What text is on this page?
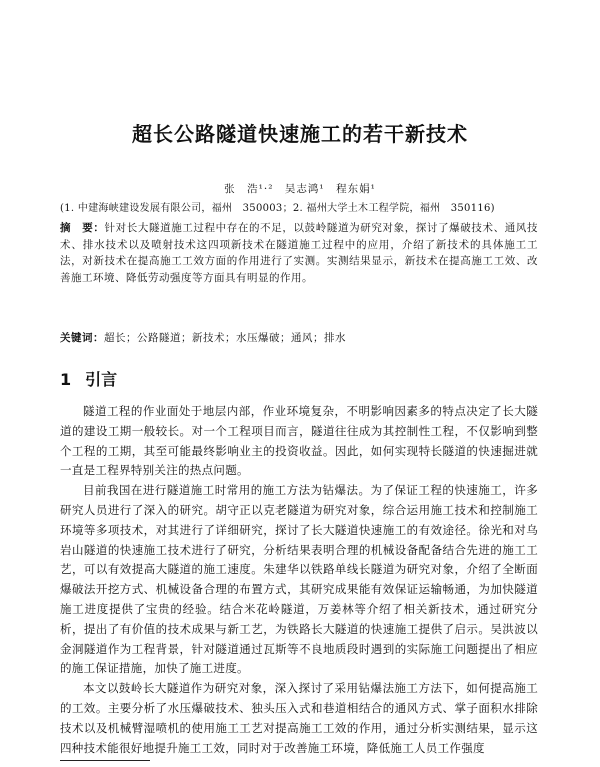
超长公路隧道快速施工的若干新技术
张　浩¹·²　吴志鸿¹　程东娟¹
(1. 中建海峡建设发展有限公司，福州　350003；2. 福州大学土木工程学院，福州　350116)
摘　要：针对长大隧道施工过程中存在的不足，以鼓岭隧道为研究对象，探讨了爆破技术、通风技术、排水技术以及喷射技术这四项新技术在隧道施工过程中的应用，介绍了新技术的具体施工工法，对新技术在提高施工工效方面的作用进行了实测。实测结果显示，新技术在提高施工工效、改善施工环境、降低劳动强度等方面具有明显的作用。
关键词：超长；公路隧道；新技术；水压爆破；通风；排水
1 引言

隧道工程的作业面处于地层内部，作业环境复杂，不明影响因素多的特点决定了长大隧道的建设工期一般较长。对一个工程项目而言，隧道往往成为其控制性工程，不仅影响到整个工程的工期，其至可能最终影响业主的投资收益。因此，如何实现特长隧道的快速掘进就一直是工程界特别关注的热点问题。

目前我国在进行隧道施工时常用的施工方法为钻爆法。为了保证工程的快速施工，许多研究人员进行了深入的研究。胡守正以克老隧道为研究对象，综合运用施工技术和控制施工环境等多项技术，对其进行了详细研究，探讨了长大隧道快速施工的有效途径。徐光和对乌岩山隧道的快速施工技术进行了研究，分析结果表明合理的机械设备配备结合先进的施工工艺，可以有效提高大隧道的施工速度。朱建华以铁路单线长隧道为研究对象，介绍了全断面爆破法开挖方式、机械设备合理的布置方式，其研究成果能有效保证运输畅通，为加快隧道施工进度提供了宝贵的经验。结合米花岭隧道，万姜林等介绍了相关新技术，通过研究分析，提出了有价值的技术成果与新工艺，为铁路长大隧道的快速施工提供了启示。吴洪波以金洞隧道作为工程背景，针对隧道通过瓦斯等不良地质段时遇到的实际施工问题提出了相应的施工保证措施，加快了施工进度。

本文以鼓岭长大隧道作为研究对象，深入探讨了采用钻爆法施工方法下，如何提高施工的工效。主要分析了水压爆破技术、独头压入式和巷道相结合的通风方式、掌子面积水排除技术以及机械臂湿喷机的使用施工工艺对提高施工工效的作用，通过分析实测结果，显示这四种技术能很好地提升施工工效，同时对于改善施工环境，降低施工人员工作强度
